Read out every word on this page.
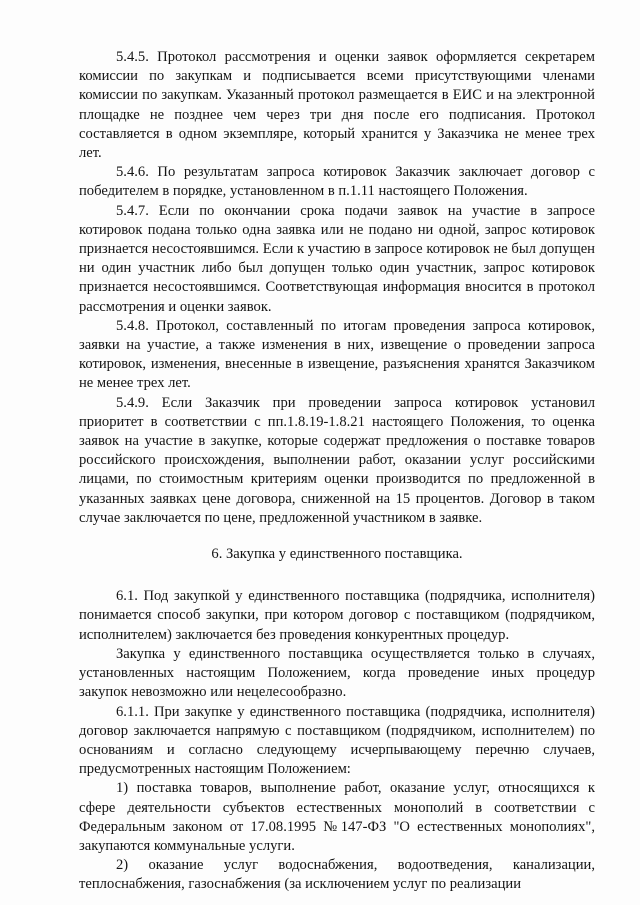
5.4.5. Протокол рассмотрения и оценки заявок оформляется секретарем комиссии по закупкам и подписывается всеми присутствующими членами комиссии по закупкам. Указанный протокол размещается в ЕИС и на электронной площадке не позднее чем через три дня после его подписания. Протокол составляется в одном экземпляре, который хранится у Заказчика не менее трех лет.

5.4.6. По результатам запроса котировок Заказчик заключает договор с победителем в порядке, установленном в п.1.11 настоящего Положения.

5.4.7. Если по окончании срока подачи заявок на участие в запросе котировок подана только одна заявка или не подано ни одной, запрос котировок признается несостоявшимся. Если к участию в запросе котировок не был допущен ни один участник либо был допущен только один участник, запрос котировок признается несостоявшимся. Соответствующая информация вносится в протокол рассмотрения и оценки заявок.

5.4.8. Протокол, составленный по итогам проведения запроса котировок, заявки на участие, а также изменения в них, извещение о проведении запроса котировок, изменения, внесенные в извещение, разъяснения хранятся Заказчиком не менее трех лет.

5.4.9. Если Заказчик при проведении запроса котировок установил приоритет в соответствии с пп.1.8.19-1.8.21 настоящего Положения, то оценка заявок на участие в закупке, которые содержат предложения о поставке товаров российского происхождения, выполнении работ, оказании услуг российскими лицами, по стоимостным критериям оценки производится по предложенной в указанных заявках цене договора, сниженной на 15 процентов. Договор в таком случае заключается по цене, предложенной участником в заявке.

6. Закупка у единственного поставщика.

6.1. Под закупкой у единственного поставщика (подрядчика, исполнителя) понимается способ закупки, при котором договор с поставщиком (подрядчиком, исполнителем) заключается без проведения конкурентных процедур.

Закупка у единственного поставщика осуществляется только в случаях, установленных настоящим Положением, когда проведение иных процедур закупок невозможно или нецелесообразно.

6.1.1. При закупке у единственного поставщика (подрядчика, исполнителя) договор заключается напрямую с поставщиком (подрядчиком, исполнителем) по основаниям и согласно следующему исчерпывающему перечню случаев, предусмотренных настоящим Положением:

1) поставка товаров, выполнение работ, оказание услуг, относящихся к сфере деятельности субъектов естественных монополий в соответствии с Федеральным законом от 17.08.1995 №147-ФЗ "О естественных монополиях", закупаются коммунальные услуги.

2) оказание услуг водоснабжения, водоотведения, канализации, теплоснабжения, газоснабжения (за исключением услуг по реализации
